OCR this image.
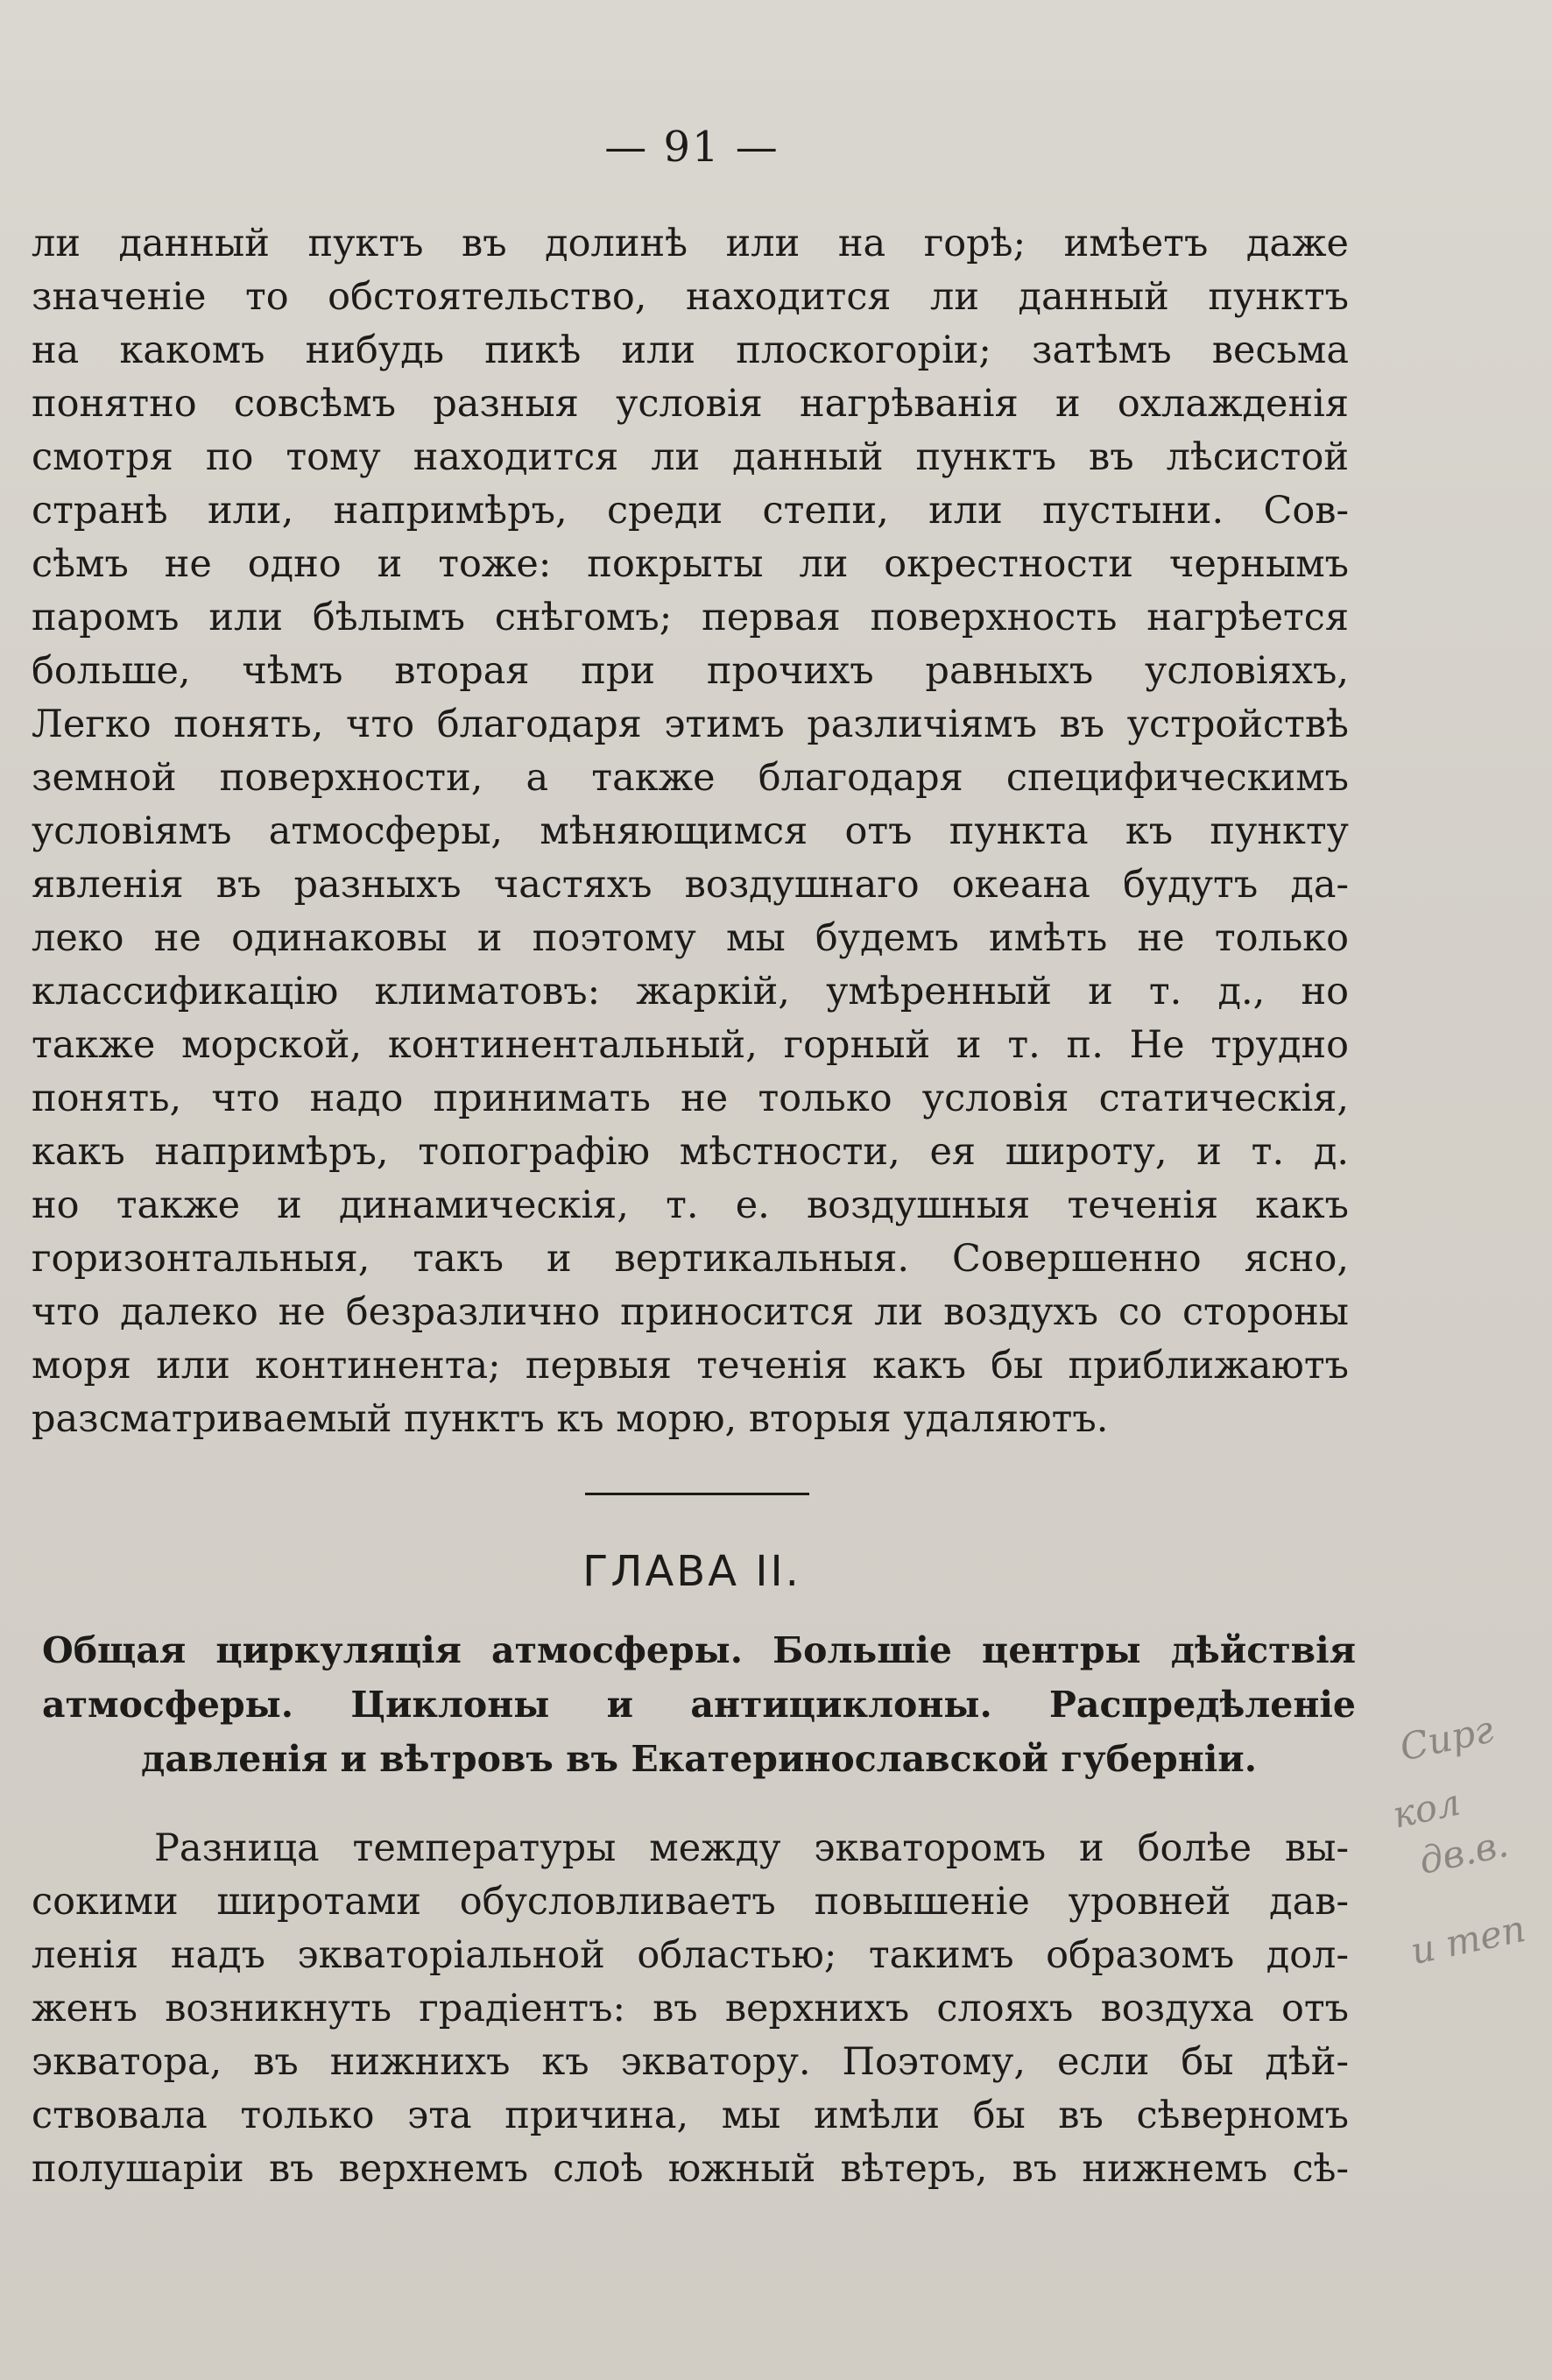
— 91 —
ли данный пуктъ въ долинѣ или на горѣ; имѣетъ даже
значеніе то обстоятельство, находится ли данный пунктъ
на какомъ нибудь пикѣ или плоскогоріи; затѣмъ весьма
понятно совсѣмъ разныя условія нагрѣванія и охлажденія
смотря по тому находится ли данный пунктъ въ лѣсистой
странѣ или, напримѣръ, среди степи, или пустыни. Сов-
сѣмъ не одно и тоже: покрыты ли окрестности чернымъ
паромъ или бѣлымъ снѣгомъ; первая поверхность нагрѣется
больше, чѣмъ вторая при прочихъ равныхъ условіяхъ,
Легко понять, что благодаря этимъ различіямъ въ устройствѣ
земной поверхности, а также благодаря специфическимъ
условіямъ атмосферы, мѣняющимся отъ пункта къ пункту
явленія въ разныхъ частяхъ воздушнаго океана будутъ да-
леко не одинаковы и поэтому мы будемъ имѣть не только
классификацію климатовъ: жаркій, умѣренный и т. д., но
также морской, континентальный, горный и т. п. Не трудно
понять, что надо принимать не только условія статическія,
какъ напримѣръ, топографію мѣстности, ея широту, и т. д.
но также и динамическія, т. е. воздушныя теченія какъ
горизонтальныя, такъ и вертикальныя. Совершенно ясно,
что далеко не безразлично приносится ли воздухъ со стороны
моря или континента; первыя теченія какъ бы приближаютъ
разсматриваемый пунктъ къ морю, вторыя удаляютъ.
ГЛАВА II.
Общая циркуляція атмосферы. Большіе центры дѣйствія
атмосферы. Циклоны и антициклоны. Распредѣленіе
давленія и вѣтровъ въ Екатеринославской губерніи.
Разница температуры между экваторомъ и болѣе вы-
сокими широтами обусловливаетъ повышеніе уровней дав-
ленія надъ экваторіальной областью; такимъ образомъ дол-
женъ возникнуть градіентъ: въ верхнихъ слояхъ воздуха отъ
экватора, въ нижнихъ къ экватору. Поэтому, если бы дѣй-
ствовала только эта причина, мы имѣли бы въ сѣверномъ
полушаріи въ верхнемъ слоѣ южный вѣтеръ, въ нижнемъ сѣ-
Сирг
кол
дв.в.
и теп
